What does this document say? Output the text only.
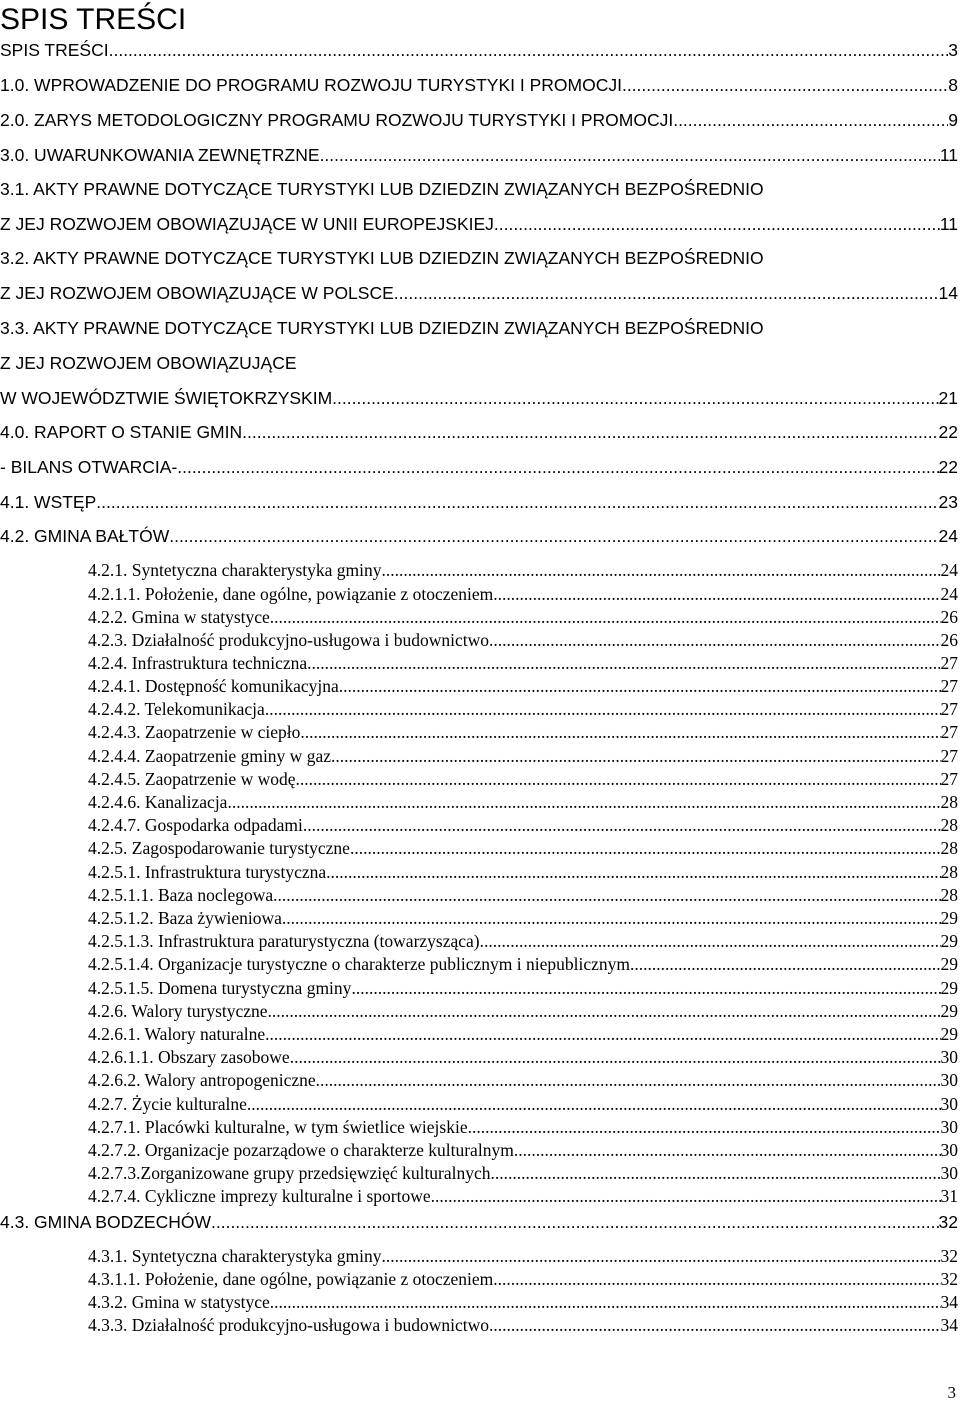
SPIS TREŚCI
SPIS TREŚCI .....	3
1.0. WPROWADZENIE DO PROGRAMU ROZWOJU TURYSTYKI I PROMOCJI .....	8
2.0. ZARYS METODOLOGICZNY PROGRAMU ROZWOJU TURYSTYKI I PROMOCJI .....	9
3.0. UWARUNKOWANIA ZEWNĘTRZNE .....	11
3.1. AKTY PRAWNE DOTYCZĄCE TURYSTYKI LUB DZIEDZIN ZWIĄZANYCH BEZPOŚREDNIO
Z JEJ ROZWOJEM OBOWIĄZUJĄCE W UNII EUROPEJSKIEJ .....	11
3.2. AKTY PRAWNE DOTYCZĄCE TURYSTYKI LUB DZIEDZIN ZWIĄZANYCH BEZPOŚREDNIO
Z JEJ ROZWOJEM OBOWIĄZUJĄCE W POLSCE .....	14
3.3. AKTY PRAWNE DOTYCZĄCE TURYSTYKI LUB DZIEDZIN ZWIĄZANYCH BEZPOŚREDNIO
Z JEJ ROZWOJEM OBOWIĄZUJĄCE
W WOJEWÓDZTWIE ŚWIĘTOKRZYSKIM .....	21
4.0. RAPORT O STANIE GMIN .....	22
- BILANS OTWARCIA- .....	22
4.1. WSTĘP .....	23
4.2. GMINA BAŁTÓW .....	24
4.2.1. Syntetyczna charakterystyka gminy .....	24
4.2.1.1. Położenie, dane ogólne, powiązanie z otoczeniem .....	24
4.2.2. Gmina w statystyce .....	26
4.2.3. Działalność produkcyjno-usługowa i budownictwo .....	26
4.2.4. Infrastruktura techniczna .....	27
4.2.4.1. Dostępność komunikacyjna .....	27
4.2.4.2. Telekomunikacja .....	27
4.2.4.3. Zaopatrzenie w ciepło .....	27
4.2.4.4. Zaopatrzenie gminy w gaz .....	27
4.2.4.5. Zaopatrzenie w wodę .....	27
4.2.4.6. Kanalizacja .....	28
4.2.4.7. Gospodarka odpadami .....	28
4.2.5. Zagospodarowanie turystyczne .....	28
4.2.5.1. Infrastruktura turystyczna .....	28
4.2.5.1.1. Baza noclegowa .....	28
4.2.5.1.2. Baza żywieniowa .....	29
4.2.5.1.3. Infrastruktura paraturystyczna (towarzysząca) .....	29
4.2.5.1.4. Organizacje turystyczne o charakterze publicznym i niepublicznym .....	29
4.2.5.1.5. Domena turystyczna gminy .....	29
4.2.6. Walory turystyczne .....	29
4.2.6.1. Walory naturalne .....	29
4.2.6.1.1. Obszary zasobowe .....	30
4.2.6.2. Walory antropogeniczne .....	30
4.2.7. Życie kulturalne .....	30
4.2.7.1. Placówki kulturalne, w tym świetlice wiejskie .....	30
4.2.7.2. Organizacje pozarządowe o charakterze kulturalnym .....	30
4.2.7.3.Zorganizowane grupy przedsięwzięć kulturalnych .....	30
4.2.7.4. Cykliczne imprezy kulturalne i sportowe .....	31
4.3. GMINA BODZECHÓW .....	32
4.3.1. Syntetyczna charakterystyka gminy .....	32
4.3.1.1. Położenie, dane ogólne, powiązanie z otoczeniem .....	32
4.3.2. Gmina w statystyce .....	34
4.3.3. Działalność produkcyjno-usługowa i budownictwo .....	34
3
